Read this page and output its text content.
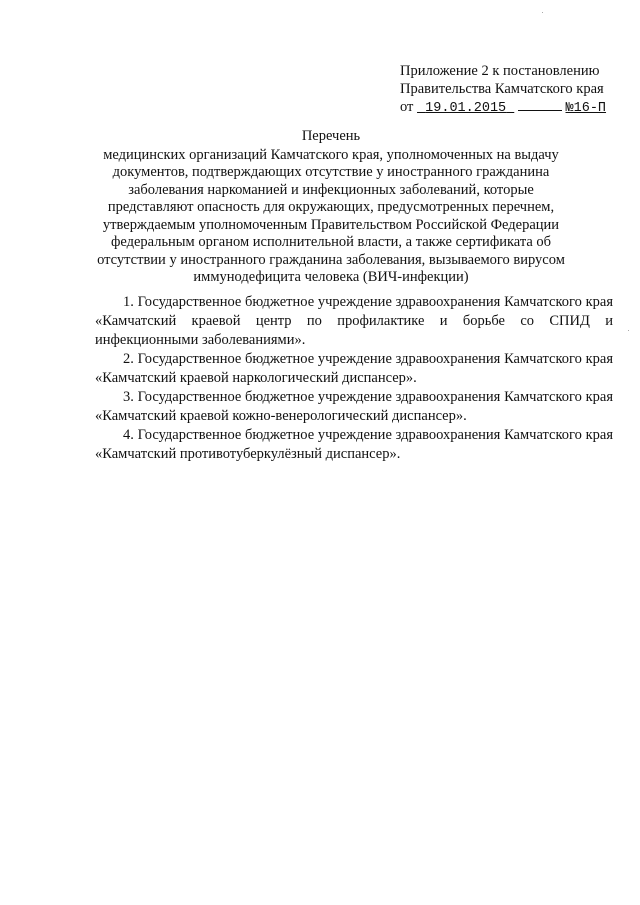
Приложение 2 к постановлению
Правительства Камчатского края
от 19.01.2015	№16-П
Перечень
медицинских организаций Камчатского края, уполномоченных на выдачу документов, подтверждающих отсутствие у иностранного гражданина заболевания наркоманией и инфекционных заболеваний, которые представляют опасность для окружающих, предусмотренных перечнем, утверждаемым уполномоченным Правительством Российской Федерации федеральным органом исполнительной власти, а также сертификата об отсутствии у иностранного гражданина заболевания, вызываемого вирусом иммунодефицита человека (ВИЧ-инфекции)

1. Государственное бюджетное учреждение здравоохранения Камчатского края «Камчатский краевой центр по профилактике и борьбе со СПИД и инфекционными заболеваниями».

2. Государственное бюджетное учреждение здравоохранения Камчатского края «Камчатский краевой наркологический диспансер».

3. Государственное бюджетное учреждение здравоохранения Камчатского края «Камчатский краевой кожно-венерологический диспансер».

4. Государственное бюджетное учреждение здравоохранения Камчатского края «Камчатский противотуберкулёзный диспансер».
